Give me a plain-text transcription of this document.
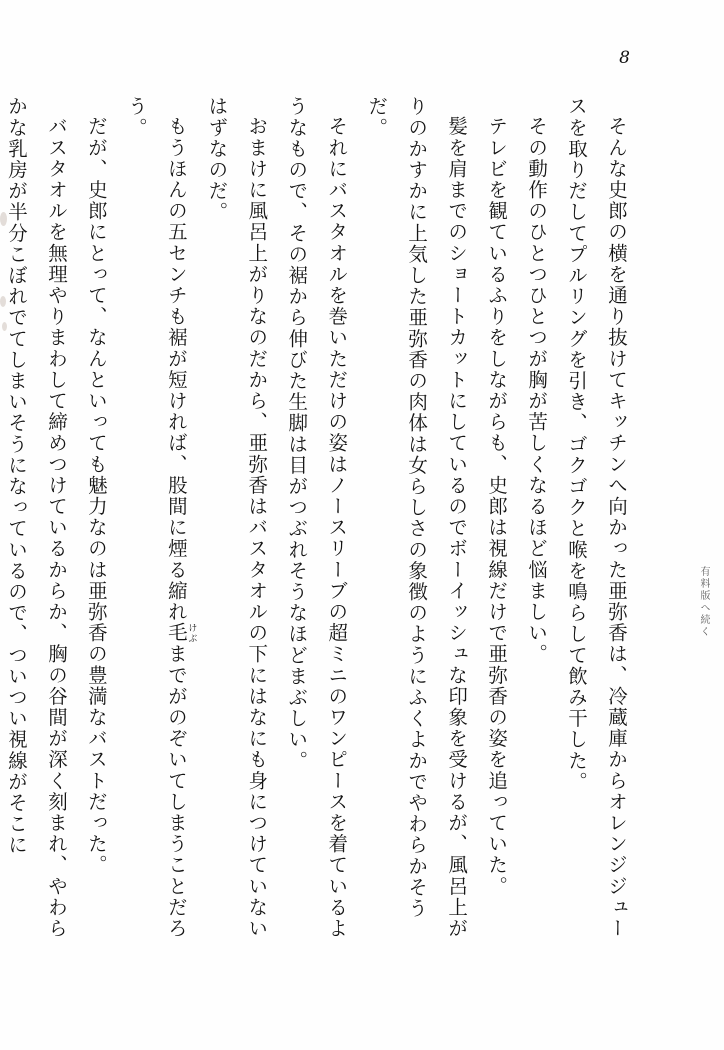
8

そんな史郎の横を通り抜けてキッチンへ向かった亜弥香は、冷蔵庫からオレンジジュースを取りだしてプルリングを引き、ゴクゴクと喉を鳴らして飲み干した。

その動作のひとつひとつが胸が苦しくなるほど悩ましい。

テレビを観ているふりをしながらも、史郎は視線だけで亜弥香の姿を追っていた。

髪を肩までのショートカットにしているのでボーイッシュな印象を受けるが、風呂上がりのかすかに上気した亜弥香の肉体は女らしさの象徴のようにふくよかでやわらかそうだ。

それにバスタオルを巻いただけの姿はノースリーブの超ミニのワンピースを着ているようなもので、その裾から伸びた生脚は目がつぶれそうなほどまぶしい。

おまけに風呂上がりなのだから、亜弥香はバスタオルの下にはなにも身につけていないはずなのだ。

もうほんの五センチも裾が短ければ、股間に煙る縮れ毛けぶまでがのぞいてしまうことだろう。

だが、史郎にとって、なんといっても魅力なのは亜弥香の豊満なバストだった。

バスタオルを無理やりまわして締めつけているからか、胸の谷間が深く刻まれ、やわらかな乳房が半分こぼれでてしまいそうになっているので、ついつい視線がそこに	有料版へ続く
